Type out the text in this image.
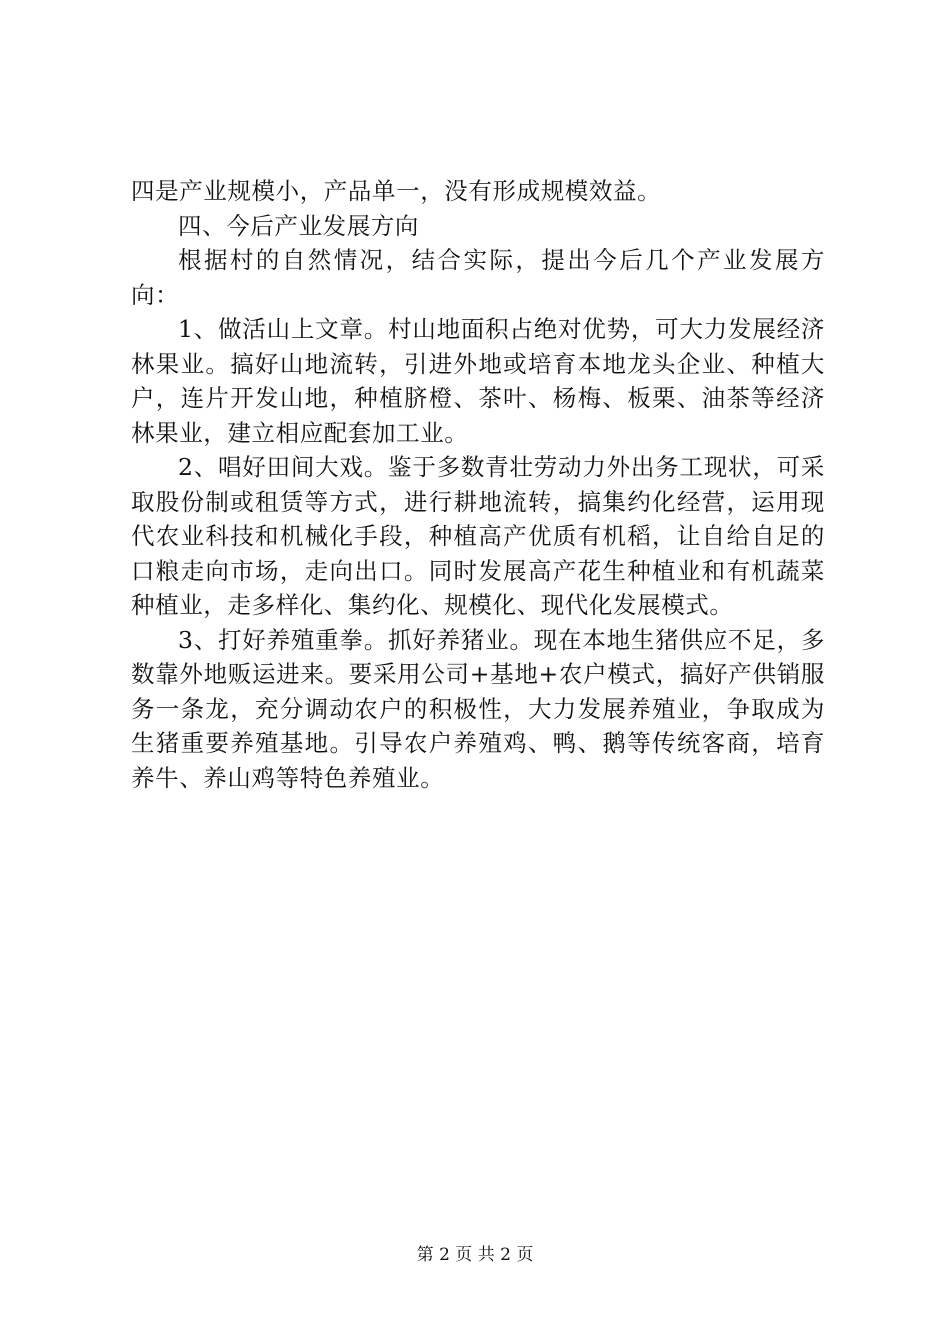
四是产业规模小，产品单一，没有形成规模效益。

四、今后产业发展方向

根据村的自然情况，结合实际，提出今后几个产业发展方向：

1、做活山上文章。村山地面积占绝对优势，可大力发展经济林果业。搞好山地流转，引进外地或培育本地龙头企业、种植大户，连片开发山地，种植脐橙、茶叶、杨梅、板栗、油茶等经济林果业，建立相应配套加工业。

2、唱好田间大戏。鉴于多数青壮劳动力外出务工现状，可采取股份制或租赁等方式，进行耕地流转，搞集约化经营，运用现代农业科技和机械化手段，种植高产优质有机稻，让自给自足的口粮走向市场，走向出口。同时发展高产花生种植业和有机蔬菜种植业，走多样化、集约化、规模化、现代化发展模式。

3、打好养殖重拳。抓好养猪业。现在本地生猪供应不足，多数靠外地贩运进来。要采用公司+基地+农户模式，搞好产供销服务一条龙，充分调动农户的积极性，大力发展养殖业，争取成为生猪重要养殖基地。引导农户养殖鸡、鸭、鹅等传统客商，培育养牛、养山鸡等特色养殖业。

第 2 页 共 2 页
